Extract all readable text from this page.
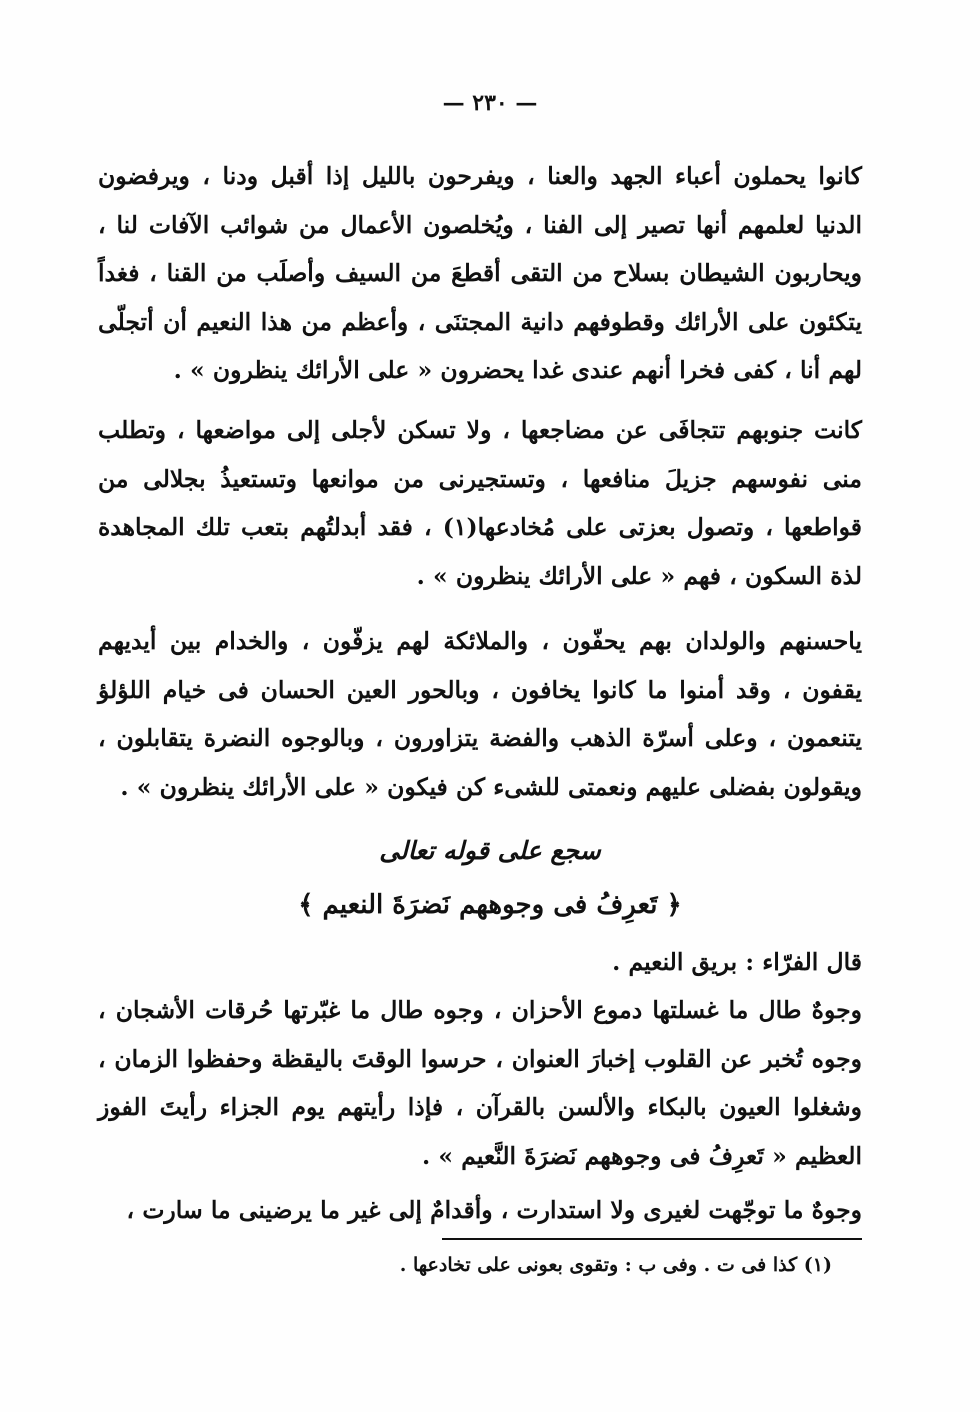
— ٢٣٠ —

كانوا يحملون أعباء الجهد والعنا ، ويفرحون بالليل إذا أقبل ودنا ، ويرفضون الدنيا لعلمهم أنها تصير إلى الفنا ، ويُخلصون الأعمال من شوائب الآفات لنا ، ويحاربون الشيطان بسلاح من التقى أقطعَ من السيف وأصلَب من القنا ، فغداً يتكئون على الأرائك وقطوفهم دانية المجتنَى ، وأعظم من هذا النعيم أن أتجلّى لهم أنا ، كفى فخرا أنهم عندى غدا يحضرون « على الأرائك ينظرون » .

كانت جنوبهم تتجافَى عن مضاجعها ، ولا تسكن لأجلى إلى مواضعها ، وتطلب منى نفوسهم جزيلَ منافعها ، وتستجيرنى من موانعها وتستعيذُ بجلالى من قواطعها ، وتصول بعزتى على مُخادعها(١) ، فقد أبدلتُهم بتعب تلك المجاهدة لذة السكون ، فهم « على الأرائك ينظرون » .

ياحسنهم والولدان بهم يحفّون ، والملائكة لهم يزفّون ، والخدام بين أيديهم يقفون ، وقد أمنوا ما كانوا يخافون ، وبالحور العين الحسان فى خيام اللؤلؤ يتنعمون ، وعلى أسرّة الذهب والفضة يتزاورون ، وبالوجوه النضرة يتقابلون ، ويقولون بفضلى عليهم ونعمتى للشىء كن فيكون « على الأرائك ينظرون » .

سجع على قوله تعالى
﴿ تَعرِفُ فى وجوههم نَضرَةَ النعيم ﴾

قال الفرّاء : بريق النعيم .

وجوهٌ طال ما غسلتها دموع الأحزان ، وجوه طال ما غبّرتها حُرقات الأشجان ، وجوه تُخبر عن القلوب إخبارَ العنوان ، حرسوا الوقتَ باليقظة وحفظوا الزمان ، وشغلوا العيون بالبكاء والألسن بالقرآن ، فإذا رأيتهم يوم الجزاء رأيتَ الفوز العظيم « تَعرِفُ فى وجوههم نَضرَةَ النَّعيم » .

وجوهٌ ما توجّهت لغيرى ولا استدارت ، وأقدامٌ إلى غير ما يرضينى ما سارت ،

(١) كذا فى ت . وفى ب : وتقوى بعونى على تخادعها .
